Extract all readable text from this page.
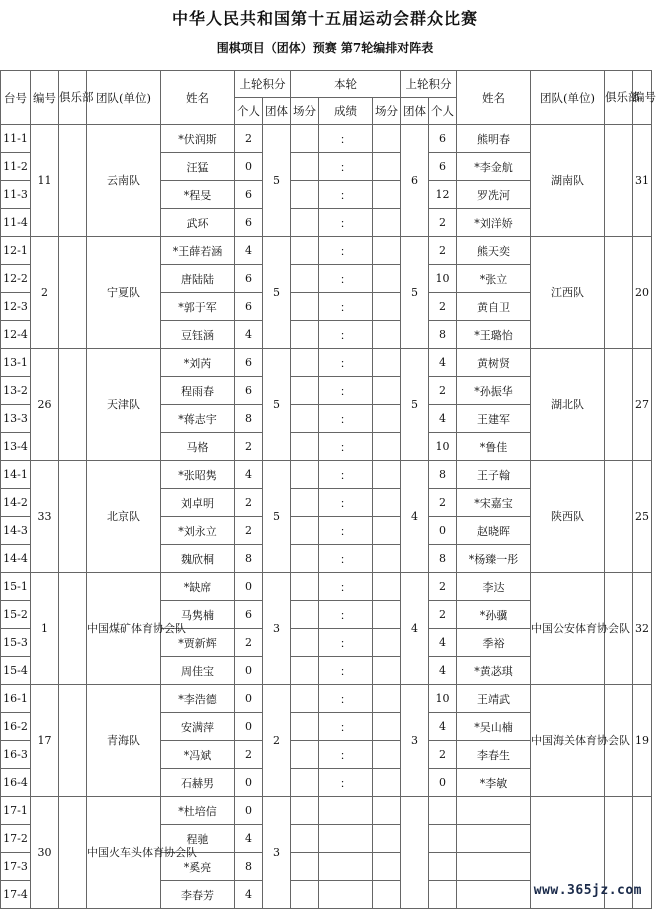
中华人民共和国第十五届运动会群众比赛
围棋项目（团体）预赛 第7轮编排对阵表
台号	编号	俱乐部	团队(单位)	姓名	上轮积分		本轮			上轮积分		姓名	团队(单位)	俱乐部	编号
					个人	团体	场分	成绩	场分	团体	个人				
11-1	11		云南队	*伏润斯	2	5		：		6	6	熊明春	湖南队		31
11-2				汪猛	0			：			6	*李金航			
11-3				*程旻	6			：			12	罗冼河			
11-4				武环	6			：			2	*刘洋娇			
12-1	2		宁夏队	*王薛若涵	4	5		：		5	2	熊天奕	江西队		20
12-2				唐陆陆	6			：			10	*张立			
12-3				*郭于军	6			：			2	黄自卫			
12-4				豆钰涵	4			：			8	*王璐怡			
13-1	26		天津队	*刘芮	6	5		：		5	4	黄树贤	湖北队		27
13-2				程雨春	6			：			2	*孙振华			
13-3				*蒋志宇	8			：			4	王建军			
13-4				马格	2			：			10	*鲁佳			
14-1	33		北京队	*张昭隽	4	5		：		4	8	王子翰	陕西队		25
14-2				刘卓明	2			：			2	*宋嘉宝			
14-3				*刘永立	2			：			0	赵晓晖			
14-4				魏欣桐	8			：			8	*杨臻一彤			
15-1	1		中国煤矿体育协会队	*缺席	0	3		：		4	2	李达	中国公安体育协会队		32
15-2				马隽楠	6			：			2	*孙骥			
15-3				*贾新辉	2			：			4	季裕			
15-4				周佳宝	0			：			4	*黄苾琪			
16-1	17		青海队	*李浩德	0	2		：		3	10	王靖武	中国海关体育协会队		19
16-2				安满萍	0			：			4	*吴山楠			
16-3				*冯斌	2			：			2	李春生			
16-4				石赫男	0			：			0	*李敏			
17-1	30		中国火车头体育协会队	*杜培信	0	3									
17-2				程驰	4										
17-3				*奚亮	8										
17-4				李春芳	4											www.365jz.com
